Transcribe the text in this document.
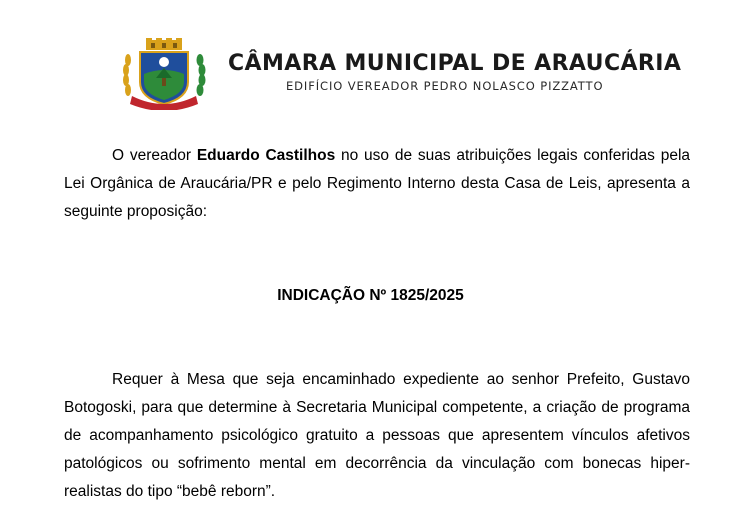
CÂMARA MUNICIPAL DE ARAUCÁRIA
EDIFÍCIO VEREADOR PEDRO NOLASCO PIZZATTO
O vereador Eduardo Castilhos no uso de suas atribuições legais conferidas pela Lei Orgânica de Araucária/PR e pelo Regimento Interno desta Casa de Leis, apresenta a seguinte proposição:
INDICAÇÃO Nº 1825/2025
Requer à Mesa que seja encaminhado expediente ao senhor Prefeito, Gustavo Botogoski, para que determine à Secretaria Municipal competente, a criação de programa de acompanhamento psicológico gratuito a pessoas que apresentem vínculos afetivos patológicos ou sofrimento mental em decorrência da vinculação com bonecas hiper-realistas do tipo “bebê reborn”.
